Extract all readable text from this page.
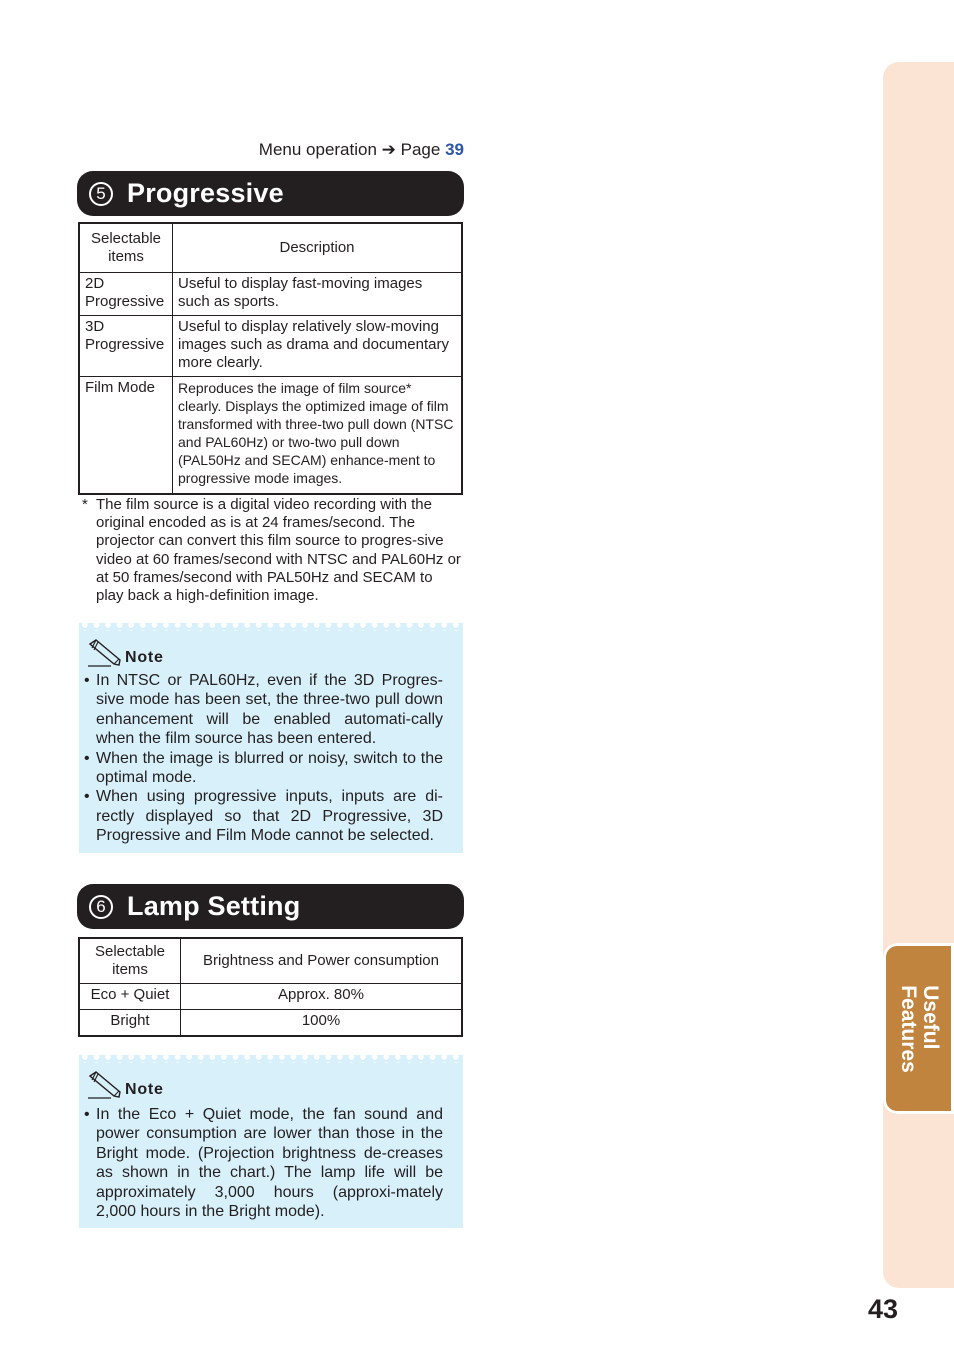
Useful
Features
Menu operation ➔ Page 39
5 Progressive
Selectable items	Description
2D Progressive	Useful to display fast-moving images such as sports.
3D Progressive	Useful to display relatively slow-moving images such as drama and documentary more clearly.
Film Mode	Reproduces the image of film source* clearly. Displays the optimized image of film transformed with three-two pull down (NTSC and PAL60Hz) or two-two pull down (PAL50Hz and SECAM) enhance-ment to progressive mode images.
* The film source is a digital video recording with the original encoded as is at 24 frames/second. The projector can convert this film source to progres-sive video at 60 frames/second with NTSC and PAL60Hz or at 50 frames/second with PAL50Hz and SECAM to play back a high-definition image.
Note
• In NTSC or PAL60Hz, even if the 3D Progres-sive mode has been set, the three-two pull down enhancement will be enabled automati-cally when the film source has been entered.
• When the image is blurred or noisy, switch to the optimal mode.
• When using progressive inputs, inputs are di-rectly displayed so that 2D Progressive, 3D Progressive and Film Mode cannot be selected.
6 Lamp Setting
Selectable items	Brightness and Power consumption
Eco + Quiet	Approx. 80%
Bright	100%
Note
• In the Eco + Quiet mode, the fan sound and power consumption are lower than those in the Bright mode. (Projection brightness de-creases as shown in the chart.) The lamp life will be approximately 3,000 hours (approxi-mately 2,000 hours in the Bright mode).
43
